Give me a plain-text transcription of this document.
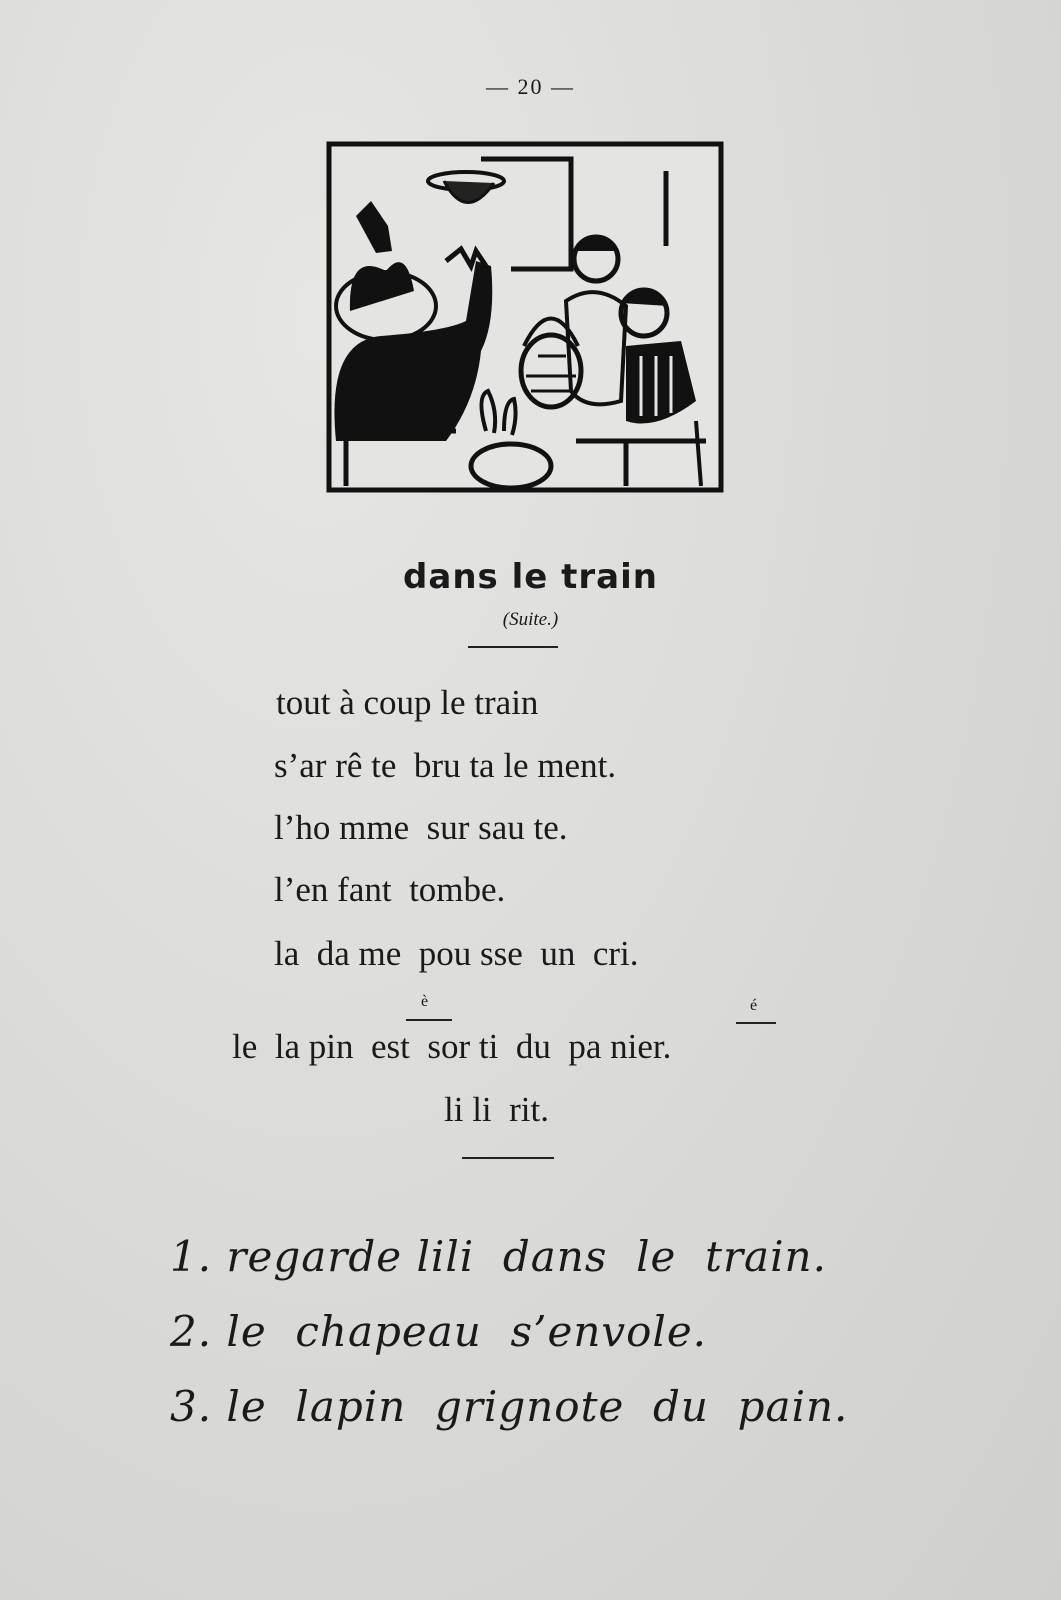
— 20 —
dans le train
(Suite.)
tout à coup le train
s’ar rê te  bru ta le ment.
l’ho mme  sur sau te.
l’en fant  tombe.
la  da me  pou sse  un  cri.
è	é
le  la pin  est  sor ti  du  pa nier.
li li  rit.
1. regarde lili  dans  le  train.
2. le  chapeau  s’envole.
3. le  lapin  grignote  du  pain.
